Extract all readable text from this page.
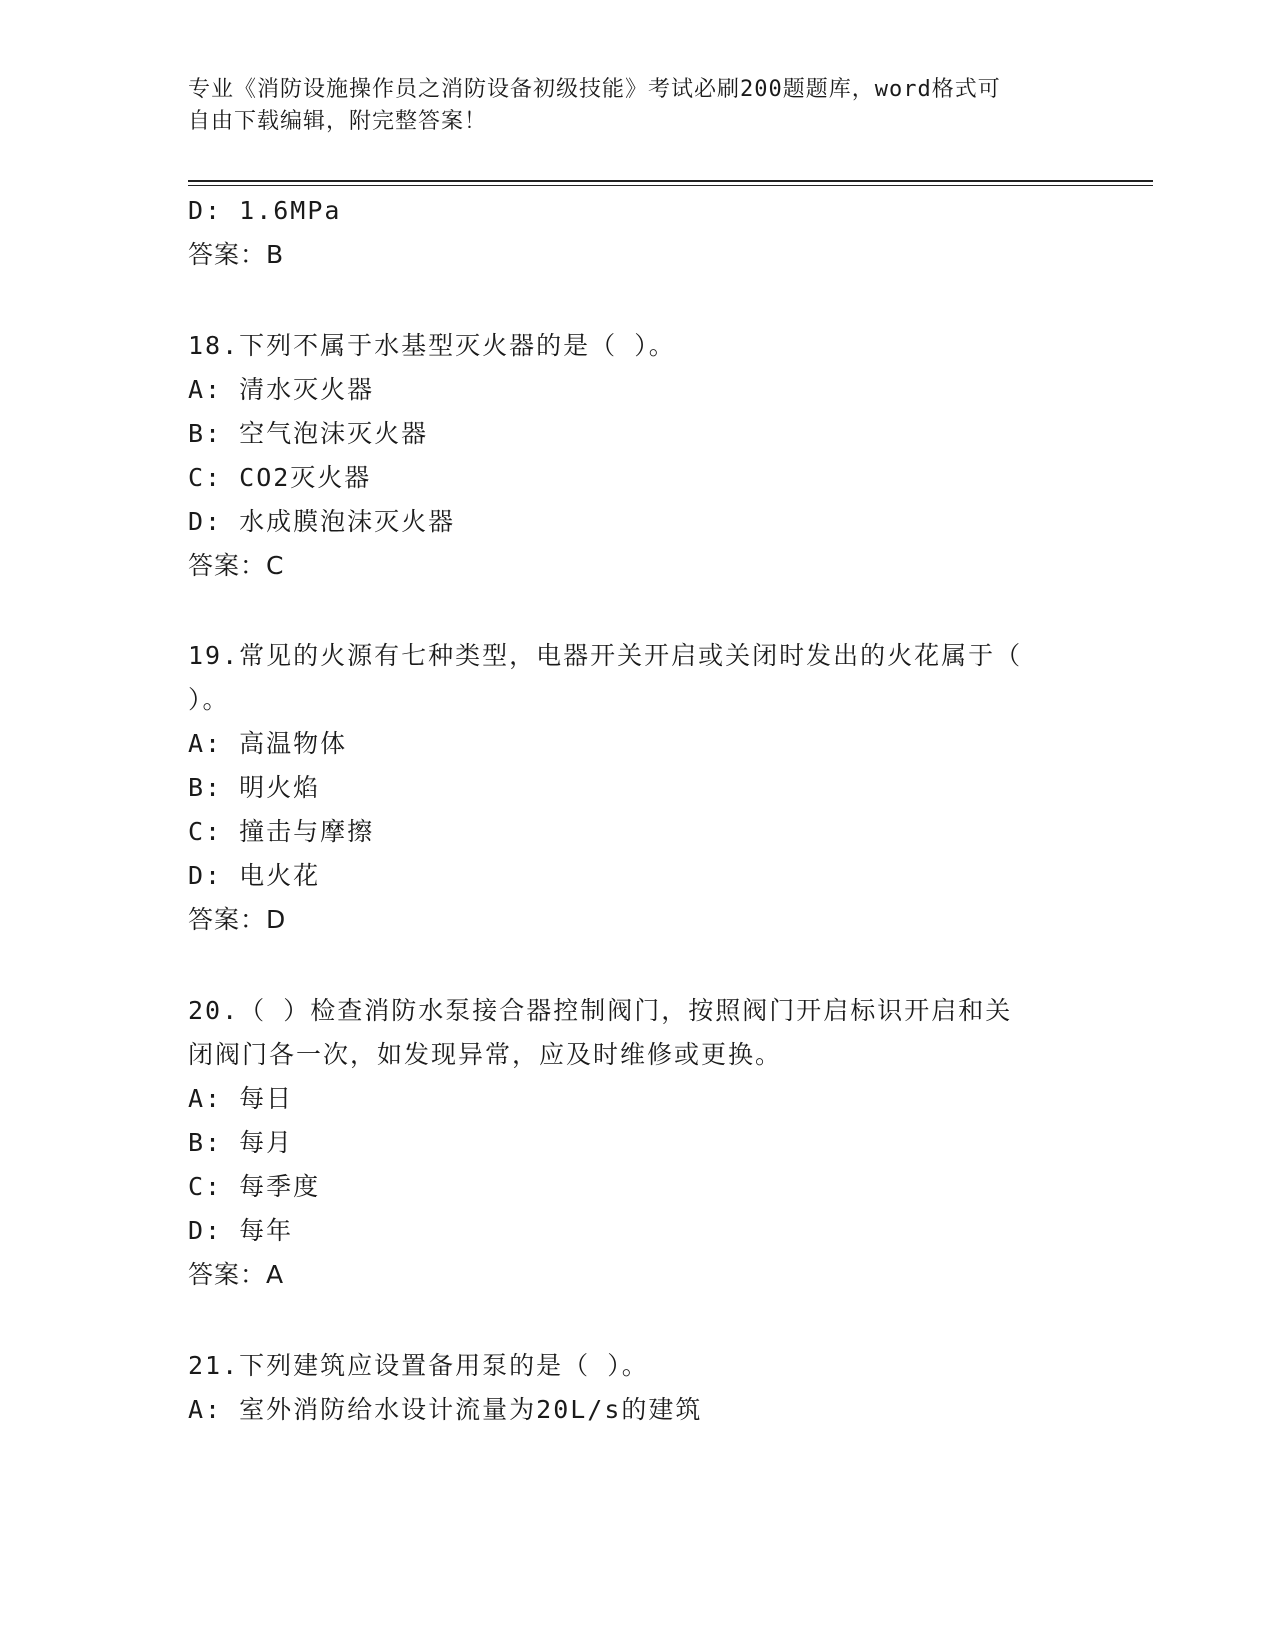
专业《消防设施操作员之消防设备初级技能》考试必刷200题题库，word格式可
自由下载编辑，附完整答案！
D: 1.6MPa
答案：B
18.下列不属于水基型灭火器的是（ ）。
A: 清水灭火器
B: 空气泡沫灭火器
C: CO2灭火器
D: 水成膜泡沫灭火器
答案：C
19.常见的火源有七种类型，电器开关开启或关闭时发出的火花属于（
）。
A: 高温物体
B: 明火焰
C: 撞击与摩擦
D: 电火花
答案：D
20.（ ）检查消防水泵接合器控制阀门，按照阀门开启标识开启和关
闭阀门各一次，如发现异常，应及时维修或更换。
A: 每日
B: 每月
C: 每季度
D: 每年
答案：A
21.下列建筑应设置备用泵的是（ ）。
A: 室外消防给水设计流量为20L/s的建筑
